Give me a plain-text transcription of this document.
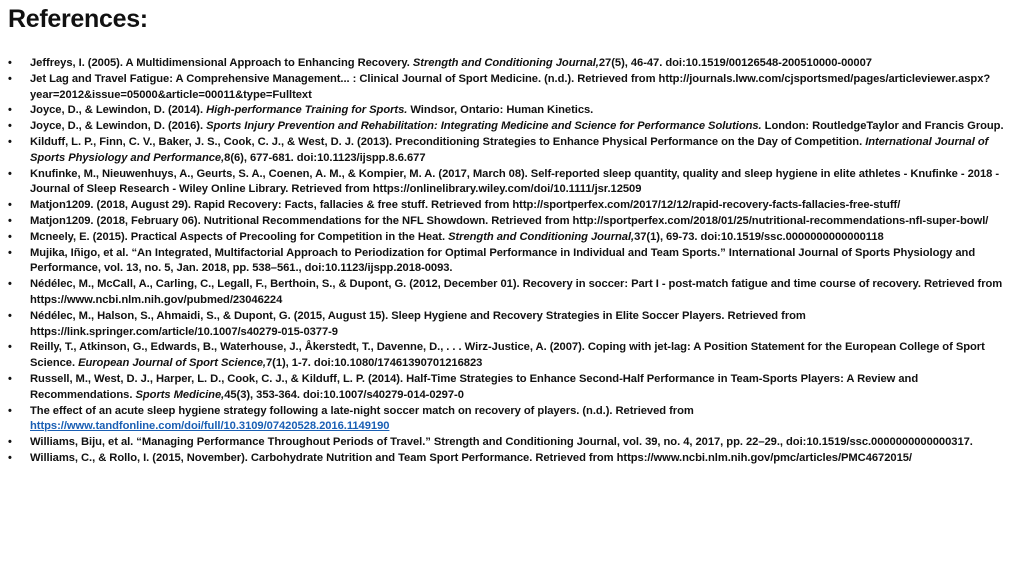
References:
• Jeffreys, I. (2005). A Multidimensional Approach to Enhancing Recovery. Strength and Conditioning Journal,27(5), 46-47. doi:10.1519/00126548-200510000-00007
• Jet Lag and Travel Fatigue: A Comprehensive Management... : Clinical Journal of Sport Medicine. (n.d.). Retrieved from http://journals.lww.com/cjsportsmed/pages/articleviewer.aspx?year=2012&issue=05000&article=00011&type=Fulltext
• Joyce, D., & Lewindon, D. (2014). High-performance Training for Sports. Windsor, Ontario: Human Kinetics.
• Joyce, D., & Lewindon, D. (2016). Sports Injury Prevention and Rehabilitation: Integrating Medicine and Science for Performance Solutions. London: RoutledgeTaylor and Francis Group.
• Kilduff, L. P., Finn, C. V., Baker, J. S., Cook, C. J., & West, D. J. (2013). Preconditioning Strategies to Enhance Physical Performance on the Day of Competition. International Journal of Sports Physiology and Performance,8(6), 677-681. doi:10.1123/ijspp.8.6.677
• Knufinke, M., Nieuwenhuys, A., Geurts, S. A., Coenen, A. M., & Kompier, M. A. (2017, March 08). Self-reported sleep quantity, quality and sleep hygiene in elite athletes - Knufinke - 2018 - Journal of Sleep Research - Wiley Online Library. Retrieved from https://onlinelibrary.wiley.com/doi/10.1111/jsr.12509
• Matjon1209. (2018, August 29). Rapid Recovery: Facts, fallacies & free stuff. Retrieved from http://sportperfex.com/2017/12/12/rapid-recovery-facts-fallacies-free-stuff/
• Matjon1209. (2018, February 06). Nutritional Recommendations for the NFL Showdown. Retrieved from http://sportperfex.com/2018/01/25/nutritional-recommendations-nfl-super-bowl/
• Mcneely, E. (2015). Practical Aspects of Precooling for Competition in the Heat. Strength and Conditioning Journal,37(1), 69-73. doi:10.1519/ssc.0000000000000118
• Mujika, Iñigo, et al. “An Integrated, Multifactorial Approach to Periodization for Optimal Performance in Individual and Team Sports.” International Journal of Sports Physiology and Performance, vol. 13, no. 5, Jan. 2018, pp. 538–561., doi:10.1123/ijspp.2018-0093.
• Nédélec, M., McCall, A., Carling, C., Legall, F., Berthoin, S., & Dupont, G. (2012, December 01). Recovery in soccer: Part I - post-match fatigue and time course of recovery. Retrieved from https://www.ncbi.nlm.nih.gov/pubmed/23046224
• Nédélec, M., Halson, S., Ahmaidi, S., & Dupont, G. (2015, August 15). Sleep Hygiene and Recovery Strategies in Elite Soccer Players. Retrieved from https://link.springer.com/article/10.1007/s40279-015-0377-9
• Reilly, T., Atkinson, G., Edwards, B., Waterhouse, J., Åkerstedt, T., Davenne, D., . . . Wirz-Justice, A. (2007). Coping with jet-lag: A Position Statement for the European College of Sport Science. European Journal of Sport Science,7(1), 1-7. doi:10.1080/17461390701216823
• Russell, M., West, D. J., Harper, L. D., Cook, C. J., & Kilduff, L. P. (2014). Half-Time Strategies to Enhance Second-Half Performance in Team-Sports Players: A Review and Recommendations. Sports Medicine,45(3), 353-364. doi:10.1007/s40279-014-0297-0
• The effect of an acute sleep hygiene strategy following a late-night soccer match on recovery of players. (n.d.). Retrieved from https://www.tandfonline.com/doi/full/10.3109/07420528.2016.1149190
• Williams, Biju, et al. “Managing Performance Throughout Periods of Travel.” Strength and Conditioning Journal, vol. 39, no. 4, 2017, pp. 22–29., doi:10.1519/ssc.0000000000000317.
• Williams, C., & Rollo, I. (2015, November). Carbohydrate Nutrition and Team Sport Performance. Retrieved from https://www.ncbi.nlm.nih.gov/pmc/articles/PMC4672015/
